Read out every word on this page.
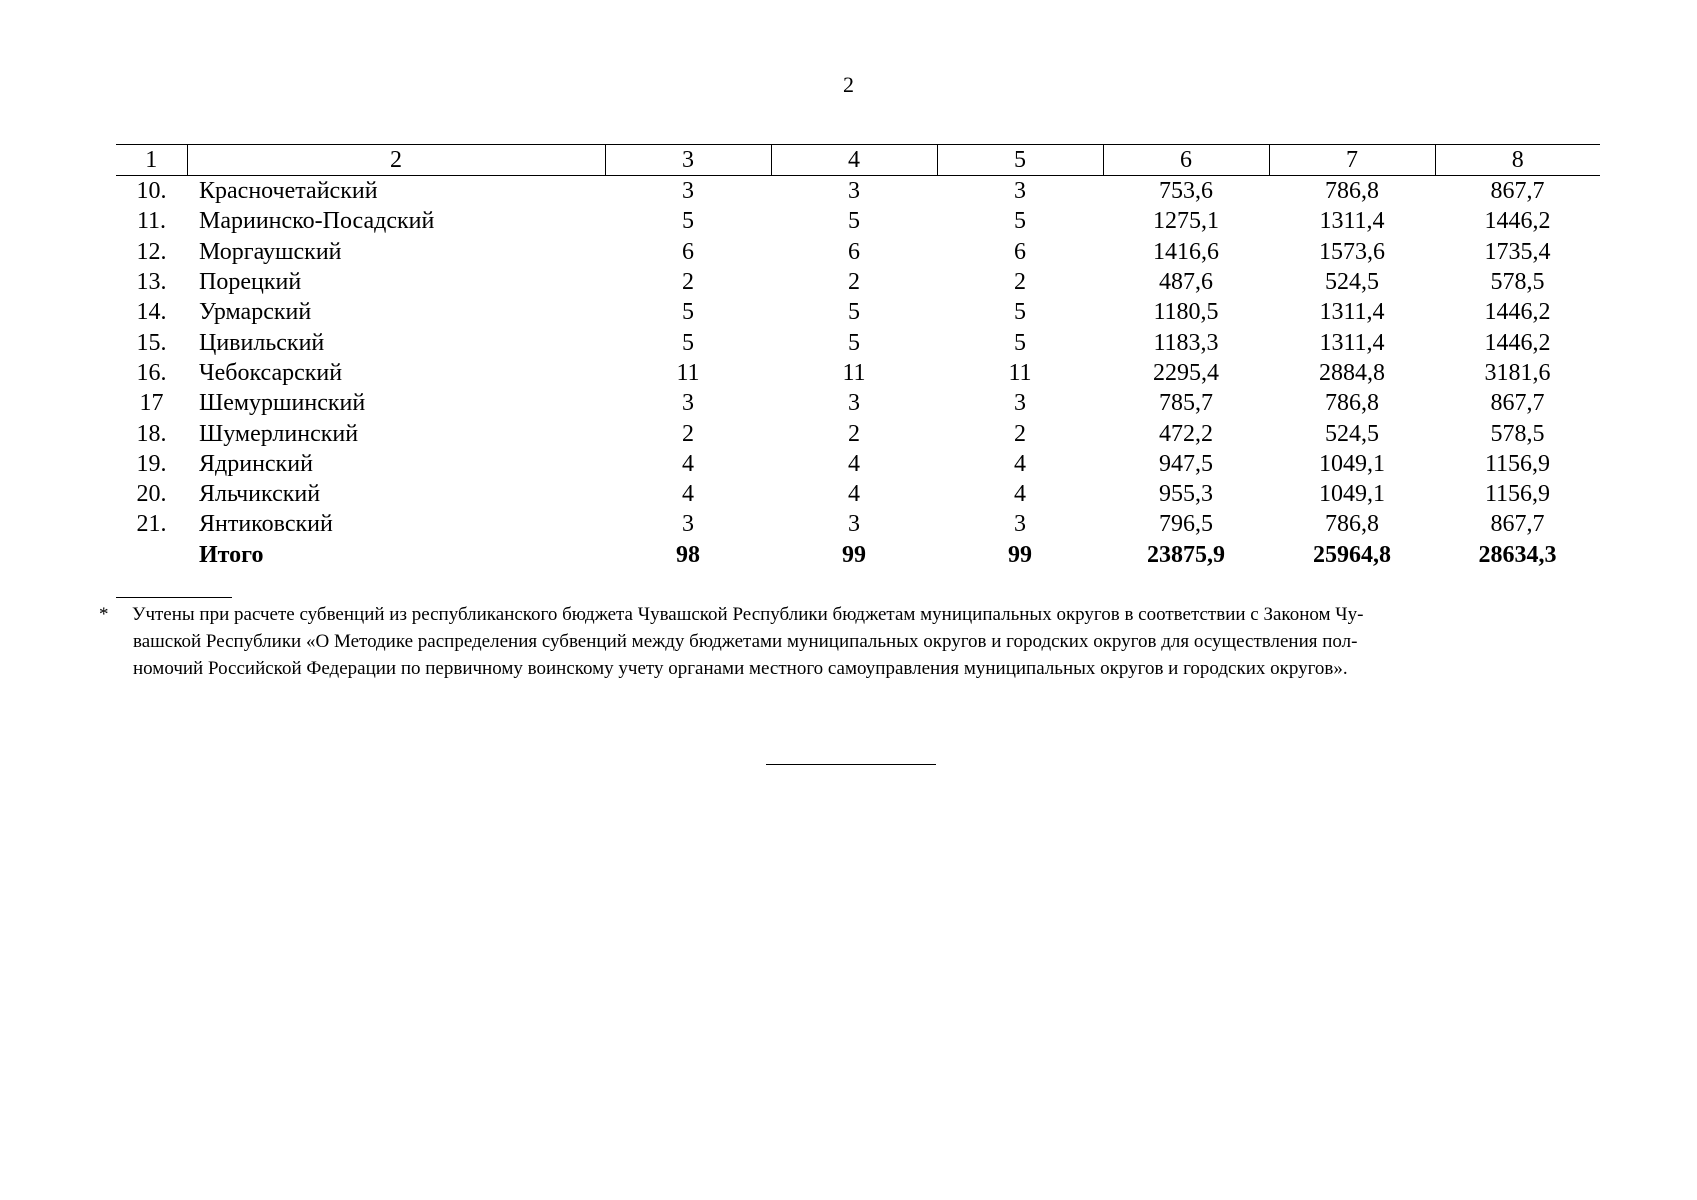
2
1	2	3	4	5	6	7	8
10.	Красночетайский	3	3	3	753,6	786,8	867,7
11.	Мариинско-Посадский	5	5	5	1275,1	1311,4	1446,2
12.	Моргаушский	6	6	6	1416,6	1573,6	1735,4
13.	Порецкий	2	2	2	487,6	524,5	578,5
14.	Урмарский	5	5	5	1180,5	1311,4	1446,2
15.	Цивильский	5	5	5	1183,3	1311,4	1446,2
16.	Чебоксарский	11	11	11	2295,4	2884,8	3181,6
17	Шемуршинский	3	3	3	785,7	786,8	867,7
18.	Шумерлинский	2	2	2	472,2	524,5	578,5
19.	Ядринский	4	4	4	947,5	1049,1	1156,9
20.	Яльчикский	4	4	4	955,3	1049,1	1156,9
21.	Янтиковский	3	3	3	796,5	786,8	867,7
	Итого	98	99	99	23875,9	25964,8	28634,3
* Учтены при расчете субвенций из республиканского бюджета Чувашской Республики бюджетам муниципальных округов в соответствии с Законом Чу-
вашской Республики «О Методике распределения субвенций между бюджетами муниципальных округов и городских округов для осуществления пол-
номочий Российской Федерации по первичному воинскому учету органами местного самоуправления муниципальных округов и городских округов».
